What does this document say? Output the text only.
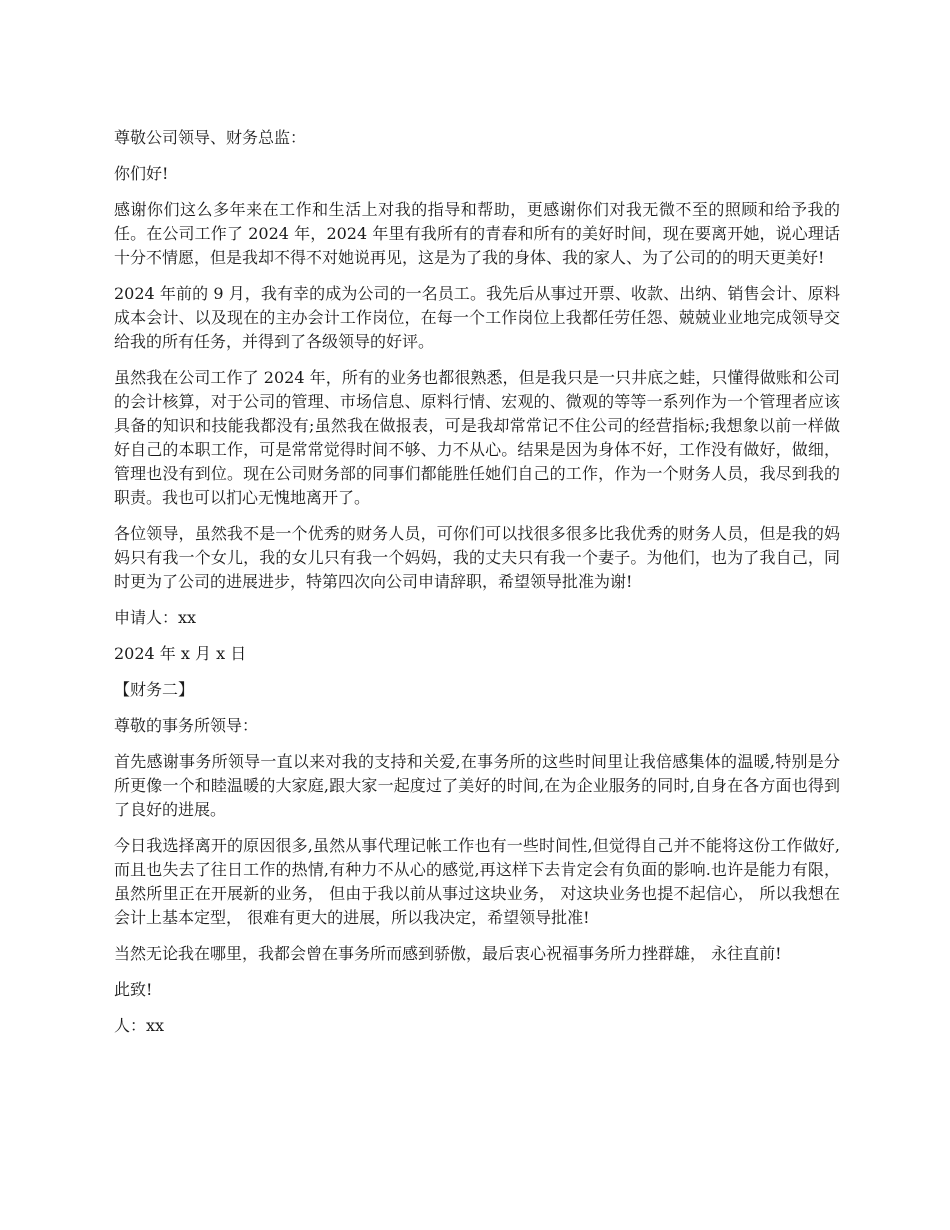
尊敬公司领导、财务总监：

你们好!

感谢你们这么多年来在工作和生活上对我的指导和帮助，更感谢你们对我无微不至的照顾和给予我的任。在公司工作了 2024 年，2024 年里有我所有的青春和所有的美好时间，现在要离开她，说心理话十分不情愿，但是我却不得不对她说再见，这是为了我的身体、我的家人、为了公司的的明天更美好!

2024 年前的 9 月，我有幸的成为公司的一名员工。我先后从事过开票、收款、出纳、销售会计、原料成本会计、以及现在的主办会计工作岗位，在每一个工作岗位上我都任劳任怨、兢兢业业地完成领导交给我的所有任务，并得到了各级领导的好评。

虽然我在公司工作了 2024 年，所有的业务也都很熟悉，但是我只是一只井底之蛙，只懂得做账和公司的会计核算，对于公司的管理、市场信息、原料行情、宏观的、微观的等等一系列作为一个管理者应该具备的知识和技能我都没有;虽然我在做报表，可是我却常常记不住公司的经营指标;我想象以前一样做好自己的本职工作，可是常常觉得时间不够、力不从心。结果是因为身体不好，工作没有做好，做细，管理也没有到位。现在公司财务部的同事们都能胜任她们自己的工作，作为一个财务人员，我尽到我的职责。我也可以扪心无愧地离开了。

各位领导，虽然我不是一个优秀的财务人员，可你们可以找很多很多比我优秀的财务人员，但是我的妈妈只有我一个女儿，我的女儿只有我一个妈妈，我的丈夫只有我一个妻子。为他们，也为了我自己，同时更为了公司的进展进步，特第四次向公司申请辞职，希望领导批准为谢!

申请人：xx

2024 年 x 月 x 日

【财务二】

尊敬的事务所领导：

首先感谢事务所领导一直以来对我的支持和关爱,在事务所的这些时间里让我倍感集体的温暖,特别是分所更像一个和睦温暖的大家庭,跟大家一起度过了美好的时间,在为企业服务的同时,自身在各方面也得到了良好的进展。

今日我选择离开的原因很多,虽然从事代理记帐工作也有一些时间性,但觉得自己并不能将这份工作做好,而且也失去了往日工作的热情,有种力不从心的感觉,再这样下去肯定会有负面的影响.也许是能力有限，虽然所里正在开展新的业务， 但由于我以前从事过这块业务， 对这块业务也提不起信心， 所以我想在会计上基本定型， 很难有更大的进展，所以我决定，希望领导批准!

当然无论我在哪里，我都会曾在事务所而感到骄傲，最后衷心祝福事务所力挫群雄， 永往直前!

此致!

人：xx
